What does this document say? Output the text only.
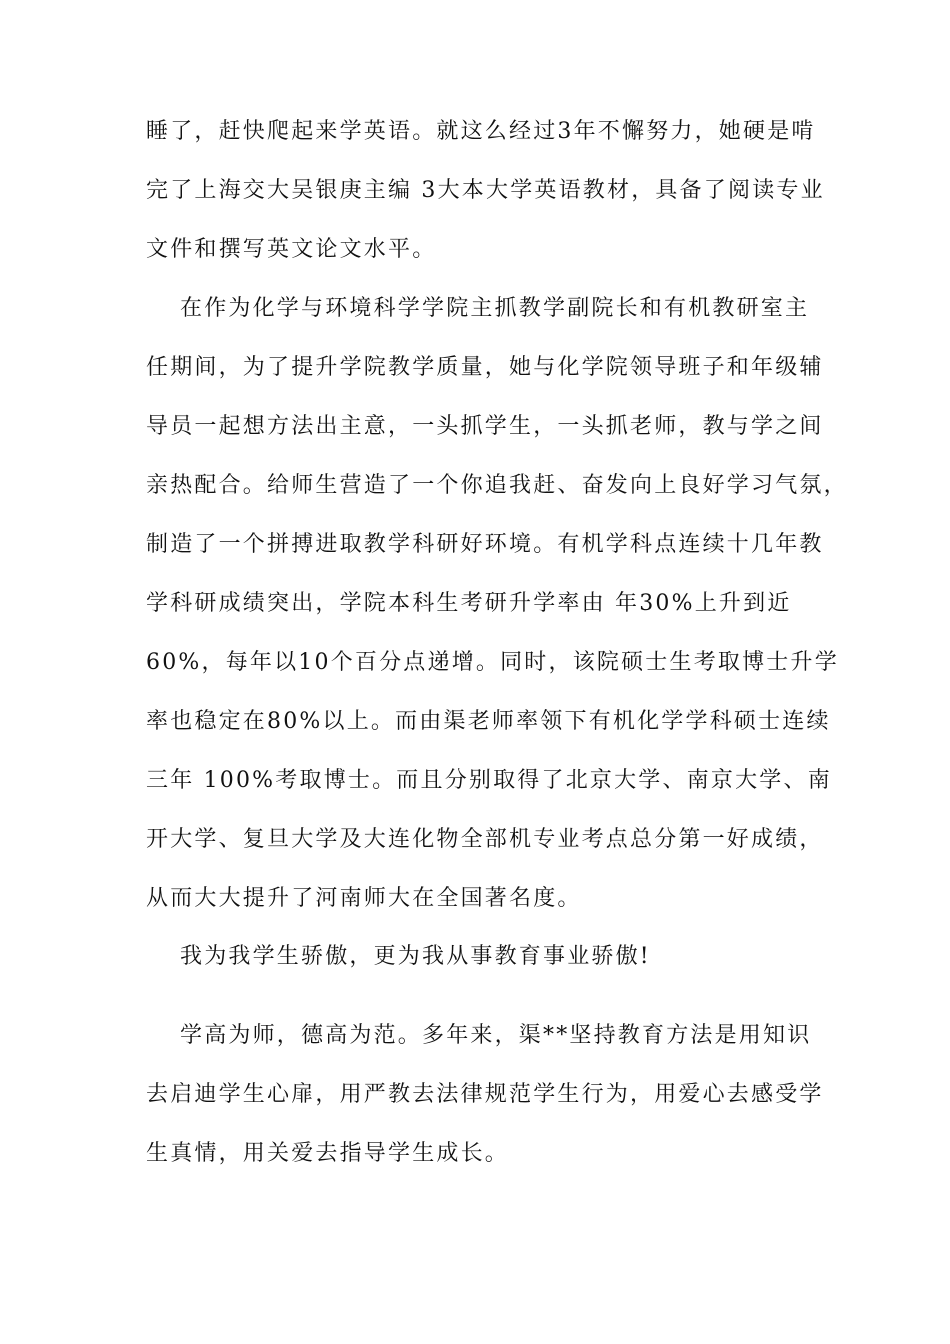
睡了，赶快爬起来学英语。就这么经过3年不懈努力，她硬是啃
完了上海交大吴银庚主编 3大本大学英语教材，具备了阅读专业
文件和撰写英文论文水平。
在作为化学与环境科学学院主抓教学副院长和有机教研室主
任期间，为了提升学院教学质量，她与化学院领导班子和年级辅
导员一起想方法出主意，一头抓学生，一头抓老师，教与学之间
亲热配合。给师生营造了一个你追我赶、奋发向上良好学习气氛，
制造了一个拼搏进取教学科研好环境。有机学科点连续十几年教
学科研成绩突出，学院本科生考研升学率由 年30%上升到近
60%，每年以10个百分点递增。同时，该院硕士生考取博士升学
率也稳定在80%以上。而由渠老师率领下有机化学学科硕士连续
三年 100%考取博士。而且分别取得了北京大学、南京大学、南
开大学、复旦大学及大连化物全部机专业考点总分第一好成绩，
从而大大提升了河南师大在全国著名度。
我为我学生骄傲，更为我从事教育事业骄傲!
学高为师，德高为范。多年来，渠**坚持教育方法是用知识
去启迪学生心扉，用严教去法律规范学生行为，用爱心去感受学
生真情，用关爱去指导学生成长。
